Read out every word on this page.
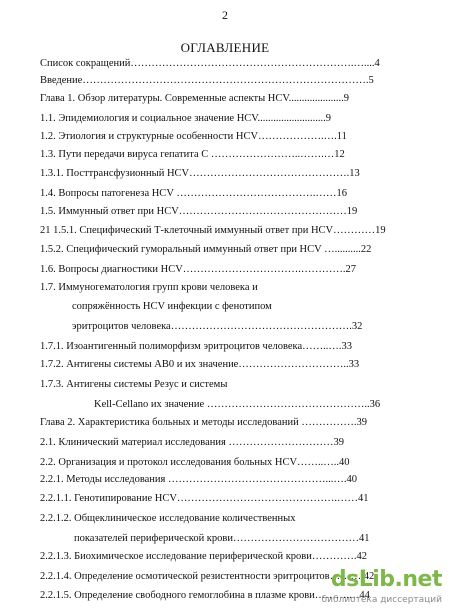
2
ОГЛАВЛЕНИЕ
Список сокращений……………………………………………………….…....4
Введение……………………………………………………………………….5
Глава 1. Обзор литературы. Современные аспекты HCV.....................9
1.1. Эпидемиология и социальное значение HCV..........................9
1.2. Этиология и структурные особенности HCV……………….….11
1.3. Пути передачи вируса гепатита С ……………………..…….…12
1.3.1. Посттрансфузионный HCV……………………………………….13
1.4. Вопросы патогенеза HCV ………………………………….……16
1.5. Иммунный ответ при HCV…………………………………………19
21 1.5.1. Специфический Т-клеточный иммунный ответ при HCV…………19
1.5.2. Специфический гуморальный иммунный ответ при HCV …..........22
1.6. Вопросы диагностики HCV…………………………….………….27
1.7. Иммуногематология групп крови человека и
сопряжённость HCV инфекции с фенотипом
эритроцитов человека…………………………………………….32
1.7.1. Изоантигенный полиморфизм эритроцитов человека……..….33
1.7.2. Антигены системы АВ0 и их значение…………………………..33
1.7.3. Антигены системы Резус и системы
Kell-Cellano их значение ………………………………………..36
Глава 2. Характеристика больных и методы исследований …………….39
2.1. Клинический материал исследования …………………………39
2.2. Организация и протокол исследования больных HCV……..…..40
2.2.1. Методы исследования ………………………………………...….40
2.2.1.1. Генотипирование HCV……………………………………….……41
2.2.1.2. Общеклиническое исследование количественных
показателей периферической крови………………………………41
2.2.1.3. Биохимическое исследование периферической крови………….42
2.2.1.4. Определение осмотической резистентности эритроцитов……….42
2.2.1.5. Определение свободного гемоглобина в плазме крови……….…44
dsLib.net
библиотека диссертаций
